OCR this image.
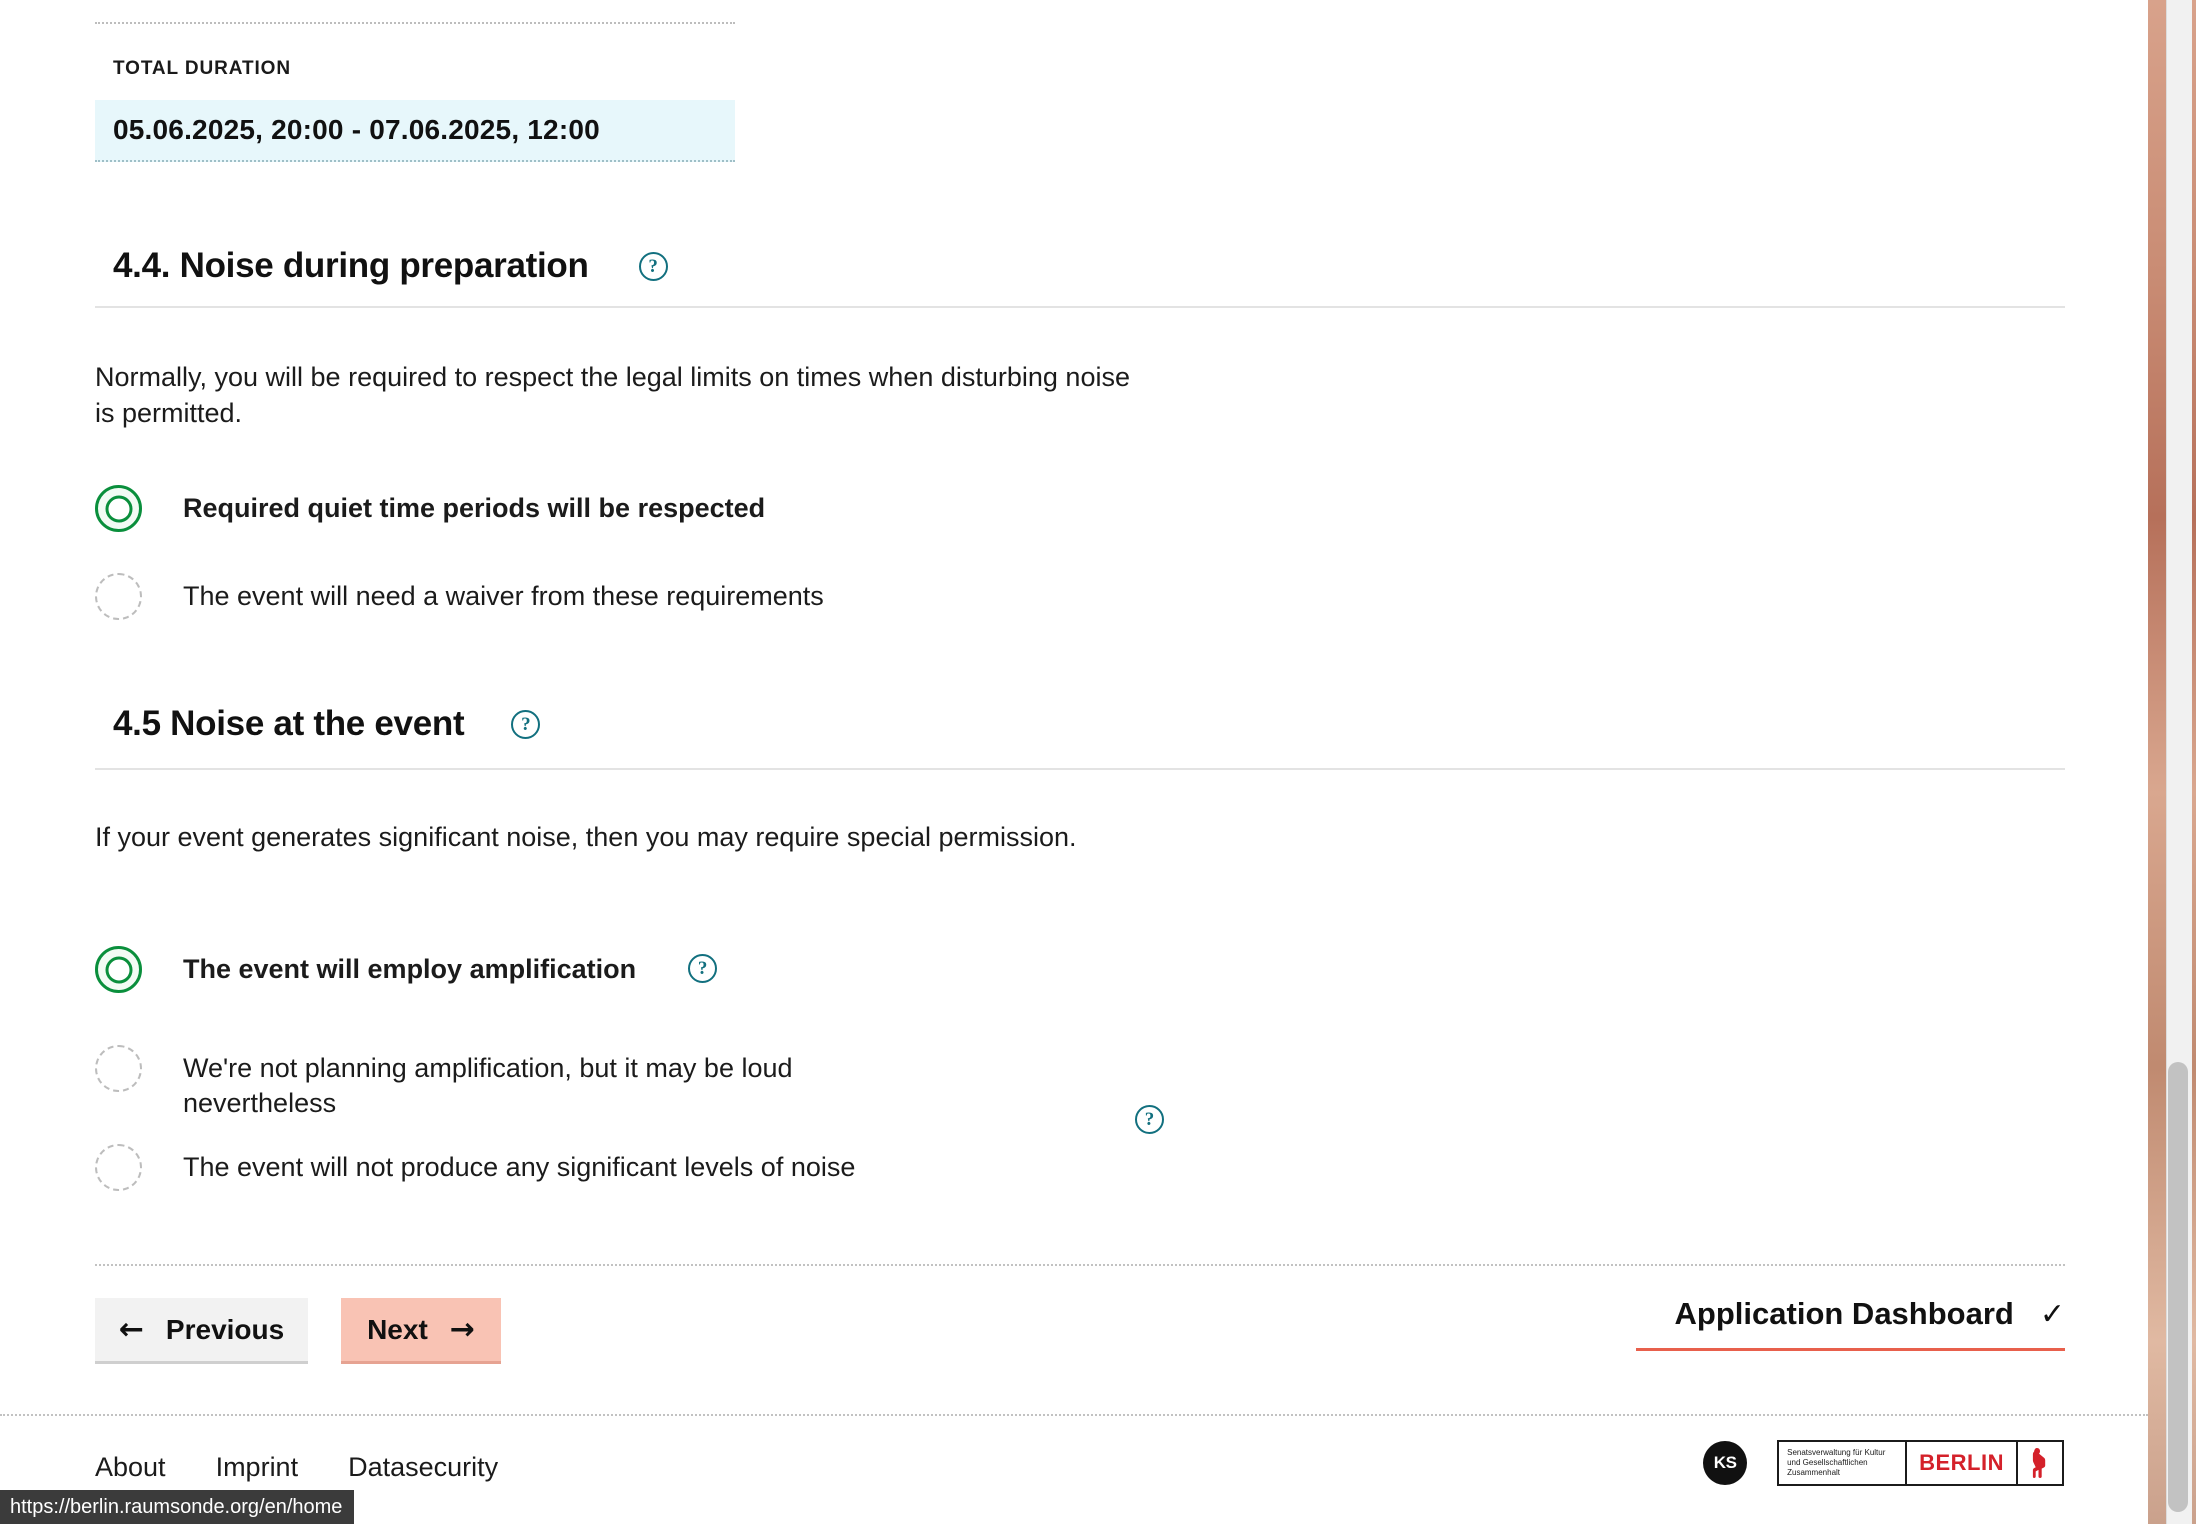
TOTAL DURATION
05.06.2025, 20:00 - 07.06.2025, 12:00
4.4. Noise during preparation	?
Normally, you will be required to respect the legal limits on times when disturbing noise is permitted.
Required quiet time periods will be respected
The event will need a waiver from these requirements
4.5 Noise at the event	?
If your event generates significant noise, then you may require special permission.
The event will employ amplification	?
We're not planning amplification, but it may be loud nevertheless
?
The event will not produce any significant levels of noise
← Previous	Next →	Application Dashboard ✓
About Imprint Datasecurity	KS
Senatsverwaltung für Kultur und Gesellschaftlichen Zusammenhalt	BERLIN
https://berlin.raumsonde.org/en/home
